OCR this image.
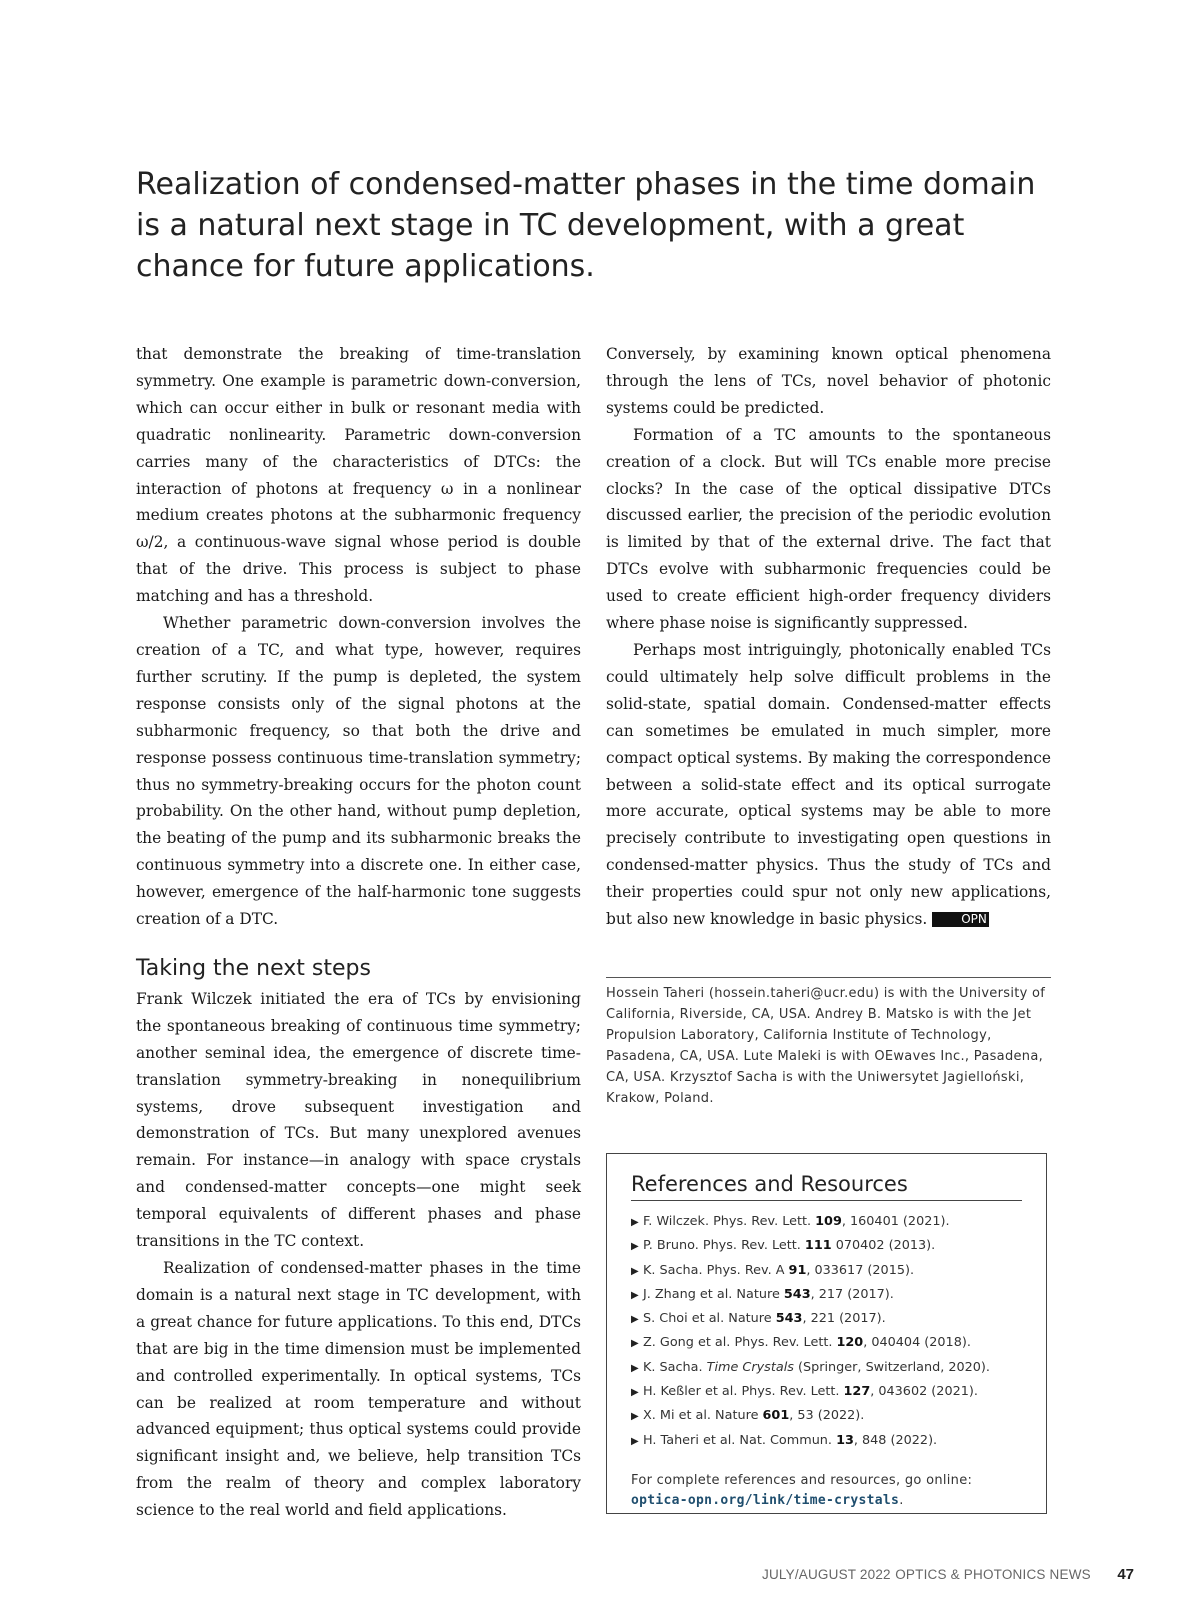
Realization of condensed-matter phases in the time domain is a natural next stage in TC development, with a great chance for future applications.

that demonstrate the breaking of time-translation symmetry. One example is parametric down-conversion, which can occur either in bulk or resonant media with quadratic nonlinearity. Parametric down-conversion carries many of the characteristics of DTCs: the interaction of photons at frequency ω in a nonlinear medium creates photons at the subharmonic frequency ω/2, a continuous-wave signal whose period is double that of the drive. This process is subject to phase matching and has a threshold.

Whether parametric down-conversion involves the creation of a TC, and what type, however, requires further scrutiny. If the pump is depleted, the system response consists only of the signal photons at the subharmonic frequency, so that both the drive and response possess continuous time-translation symmetry; thus no symmetry-breaking occurs for the photon count probability. On the other hand, without pump depletion, the beating of the pump and its subharmonic breaks the continuous symmetry into a discrete one. In either case, however, emergence of the half-harmonic tone suggests creation of a DTC.

Taking the next steps

Frank Wilczek initiated the era of TCs by envisioning the spontaneous breaking of continuous time symmetry; another seminal idea, the emergence of discrete time-translation symmetry-breaking in nonequilibrium systems, drove subsequent investigation and demonstration of TCs. But many unexplored avenues remain. For instance—in analogy with space crystals and condensed-matter concepts—one might seek temporal equivalents of different phases and phase transitions in the TC context.

Realization of condensed-matter phases in the time domain is a natural next stage in TC development, with a great chance for future applications. To this end, DTCs that are big in the time dimension must be implemented and controlled experimentally. In optical systems, TCs can be realized at room temperature and without advanced equipment; thus optical systems could provide significant insight and, we believe, help transition TCs from the realm of theory and complex laboratory science to the real world and field applications.

Conversely, by examining known optical phenomena through the lens of TCs, novel behavior of photonic systems could be predicted.

Formation of a TC amounts to the spontaneous creation of a clock. But will TCs enable more precise clocks? In the case of the optical dissipative DTCs discussed earlier, the precision of the periodic evolution is limited by that of the external drive. The fact that DTCs evolve with subharmonic frequencies could be used to create efficient high-order frequency dividers where phase noise is significantly suppressed.

Perhaps most intriguingly, photonically enabled TCs could ultimately help solve difficult problems in the solid-state, spatial domain. Condensed-matter effects can sometimes be emulated in much simpler, more compact optical systems. By making the correspondence between a solid-state effect and its optical surrogate more accurate, optical systems may be able to more precisely contribute to investigating open questions in condensed-matter physics. Thus the study of TCs and their properties could spur not only new applications, but also new knowledge in basic physics.	OPN

Hossein Taheri (hossein.taheri@ucr.edu) is with the University of California, Riverside, CA, USA. Andrey B. Matsko is with the Jet Propulsion Laboratory, California Institute of Technology, Pasadena, CA, USA. Lute Maleki is with OEwaves Inc., Pasadena, CA, USA. Krzysztof Sacha is with the Uniwersytet Jagielloński, Krakow, Poland.
References and Resources
▶ F. Wilczek. Phys. Rev. Lett. 109, 160401 (2021).
▶ P. Bruno. Phys. Rev. Lett. 111 070402 (2013).
▶ K. Sacha. Phys. Rev. A 91, 033617 (2015).
▶ J. Zhang et al. Nature 543, 217 (2017).
▶ S. Choi et al. Nature 543, 221 (2017).
▶ Z. Gong et al. Phys. Rev. Lett. 120, 040404 (2018).
▶ K. Sacha. Time Crystals (Springer, Switzerland, 2020).
▶ H. Keßler et al. Phys. Rev. Lett. 127, 043602 (2021).
▶ X. Mi et al. Nature 601, 53 (2022).
▶ H. Taheri et al. Nat. Commun. 13, 848 (2022).

For complete references and resources, go online:
optica-opn.org/link/time-crystals.

JULY/AUGUST 2022 OPTICS & PHOTONICS NEWS 47
